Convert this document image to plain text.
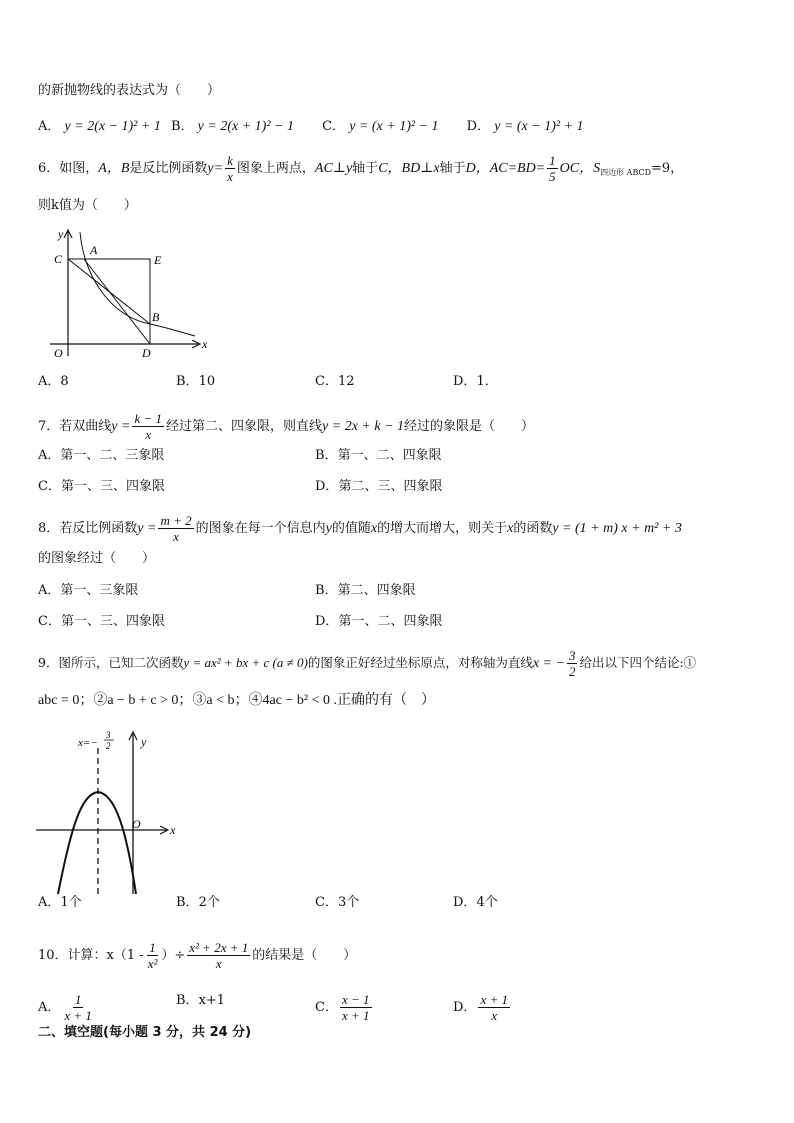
的新抛物线的表达式为（　　）
A． y = 2(x − 1)² + 1 B． y = 2(x + 1)² − 1 C． y = (x + 1)² − 1 D． y = (x − 1)² + 1
6．如图，A，B是反比例函数$y= \frac{k}{x}$ 图象上两点，AC⊥y轴于C，BD⊥x轴于D，$AC=BD= \frac{1}{5}$ OC，$S_{四边形 ABCD}=9$，
则k值为（　　）
y
x
C
A
E
B
O	D
A．8	B．10	C．12	D．1．
7．若双曲线$y = \frac{k - 1}{x}$ 经过第二、四象限，则直线y = 2x + k − 1经过的象限是（　　）
A．第一、二、三象限	B．第一、二、四象限
C．第一、三、四象限	D．第二、三、四象限
8．若反比例函数$y = \frac{m + 2}{x}$ 的图象在每一个信息内y的值随x的增大而增大，则关于x的函数y = (1 + m) x + m² + 3
的图象经过（　　）
A．第一、三象限	B．第二、四象限
C．第一、三、四象限	D．第一、二、四象限
9．图所示，已知二次函数y = ax² + bx + c (a ≠ 0)的图象正好经过坐标原点，对称轴为直线x = − $\frac{3}{2}$ 给出以下四个结论:①
abc = 0；②a − b + c > 0；③a < b；④4ac − b² < 0 .正确的有（　）
x=−
3
2	y
O x
A．1个	B．2个	C．3个	D．4个
10．计算：$x(1 - \frac{1}{\text{x²}}$ ）÷ $\frac{\text{x² + 2x + 1}}{x}$ 的结果是（　　）
A． $\frac{1}{x + 1}$	B．x+1	C． $\frac{x - 1}{x + 1}$	D． $\frac{x + 1}{x}$
二、填空题(每小题 3 分，共 24 分)
